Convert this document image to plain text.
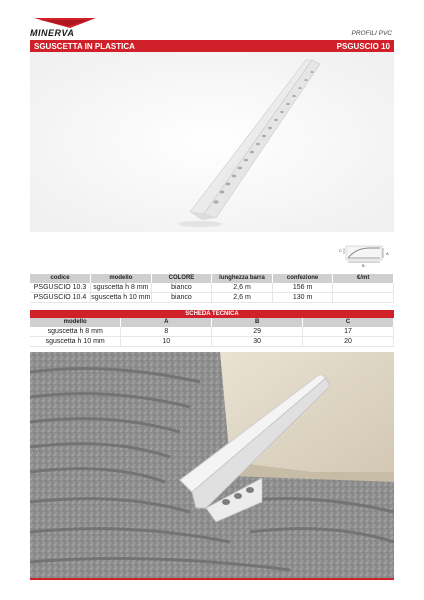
MINERVA	PROFILI PVC
SGUSCETTA IN PLASTICA	PSGUSCIO 10
A
B
C
codice	modello	COLORE	lunghezza barra	confezione	€/mt
PSGUSCIO 10.3	sguscetta h 8 mm	bianco	2,6 m	156 m	
PSGUSCIO 10.4	sguscetta h 10 mm	bianco	2,6 m	130 m	
SCHEDA TECNICA
modello	A	B	C
sguscetta h 8 mm	8	29	17
sguscetta h 10 mm	10	30	20
